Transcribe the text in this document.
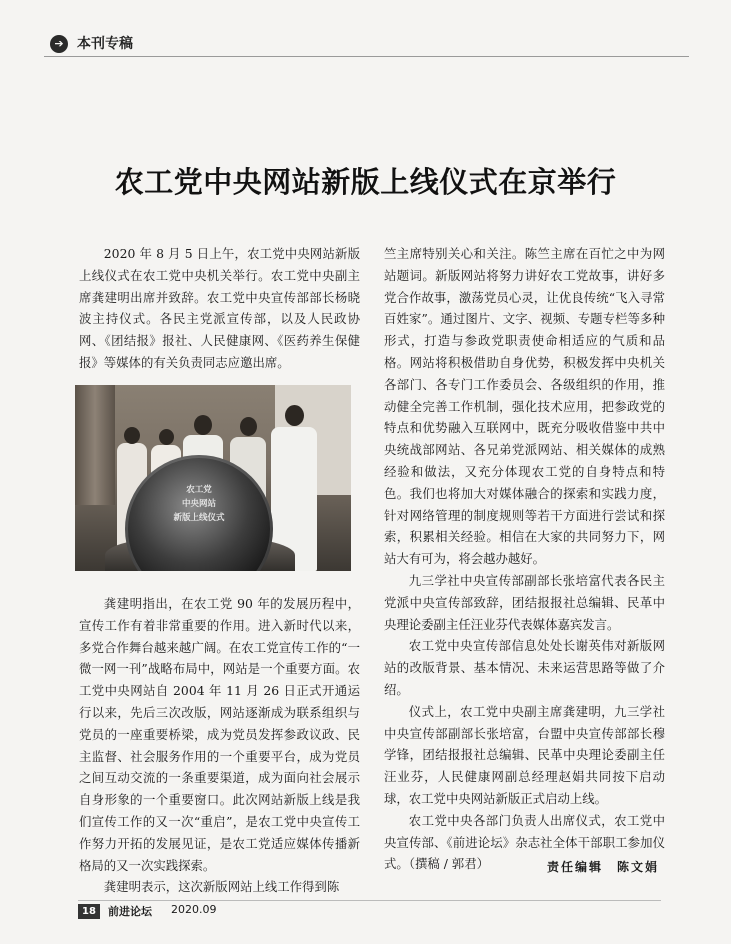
➔ 本刊专稿
农工党中央网站新版上线仪式在京举行

2020 年 8 月 5 日上午，农工党中央网站新版上线仪式在农工党中央机关举行。农工党中央副主席龚建明出席并致辞。农工党中央宣传部部长杨晓波主持仪式。各民主党派宣传部，以及人民政协网、《团结报》报社、人民健康网、《医药养生保健报》等媒体的有关负责同志应邀出席。

农工党
中央网站
新版上线仪式

龚建明指出，在农工党 90 年的发展历程中，宣传工作有着非常重要的作用。进入新时代以来，多党合作舞台越来越广阔。在农工党宣传工作的“一微一网一刊”战略布局中，网站是一个重要方面。农工党中央网站自 2004 年 11 月 26 日正式开通运行以来，先后三次改版，网站逐渐成为联系组织与党员的一座重要桥梁，成为党员发挥参政议政、民主监督、社会服务作用的一个重要平台，成为党员之间互动交流的一条重要渠道，成为面向社会展示自身形象的一个重要窗口。此次网站新版上线是我们宣传工作的又一次“重启”，是农工党中央宣传工作努力开拓的发展见证，是农工党适应媒体传播新格局的又一次实践探索。

龚建明表示，这次新版网站上线工作得到陈

竺主席特别关心和关注。陈竺主席在百忙之中为网站题词。新版网站将努力讲好农工党故事，讲好多党合作故事，激荡党员心灵，让优良传统“飞入寻常百姓家”。通过图片、文字、视频、专题专栏等多种形式，打造与参政党职责使命相适应的气质和品格。网站将积极借助自身优势，积极发挥中央机关各部门、各专门工作委员会、各级组织的作用，推动健全完善工作机制，强化技术应用，把参政党的特点和优势融入互联网中，既充分吸收借鉴中共中央统战部网站、各兄弟党派网站、相关媒体的成熟经验和做法，又充分体现农工党的自身特点和特色。我们也将加大对媒体融合的探索和实践力度，针对网络管理的制度规则等若干方面进行尝试和探索，积累相关经验。相信在大家的共同努力下，网站大有可为，将会越办越好。

九三学社中央宣传部副部长张培富代表各民主党派中央宣传部致辞，团结报报社总编辑、民革中央理论委副主任汪业芬代表媒体嘉宾发言。

农工党中央宣传部信息处处长谢英伟对新版网站的改版背景、基本情况、未来运营思路等做了介绍。

仪式上，农工党中央副主席龚建明，九三学社中央宣传部副部长张培富，台盟中央宣传部部长穆学锋，团结报报社总编辑、民革中央理论委副主任汪业芬，人民健康网副总经理赵娟共同按下启动球，农工党中央网站新版正式启动上线。

农工党中央各部门负责人出席仪式，农工党中央宣传部、《前进论坛》杂志社全体干部职工参加仪式。（撰稿 / 郭君）	责任编辑　陈文娟
18	前进论坛 2020.09
